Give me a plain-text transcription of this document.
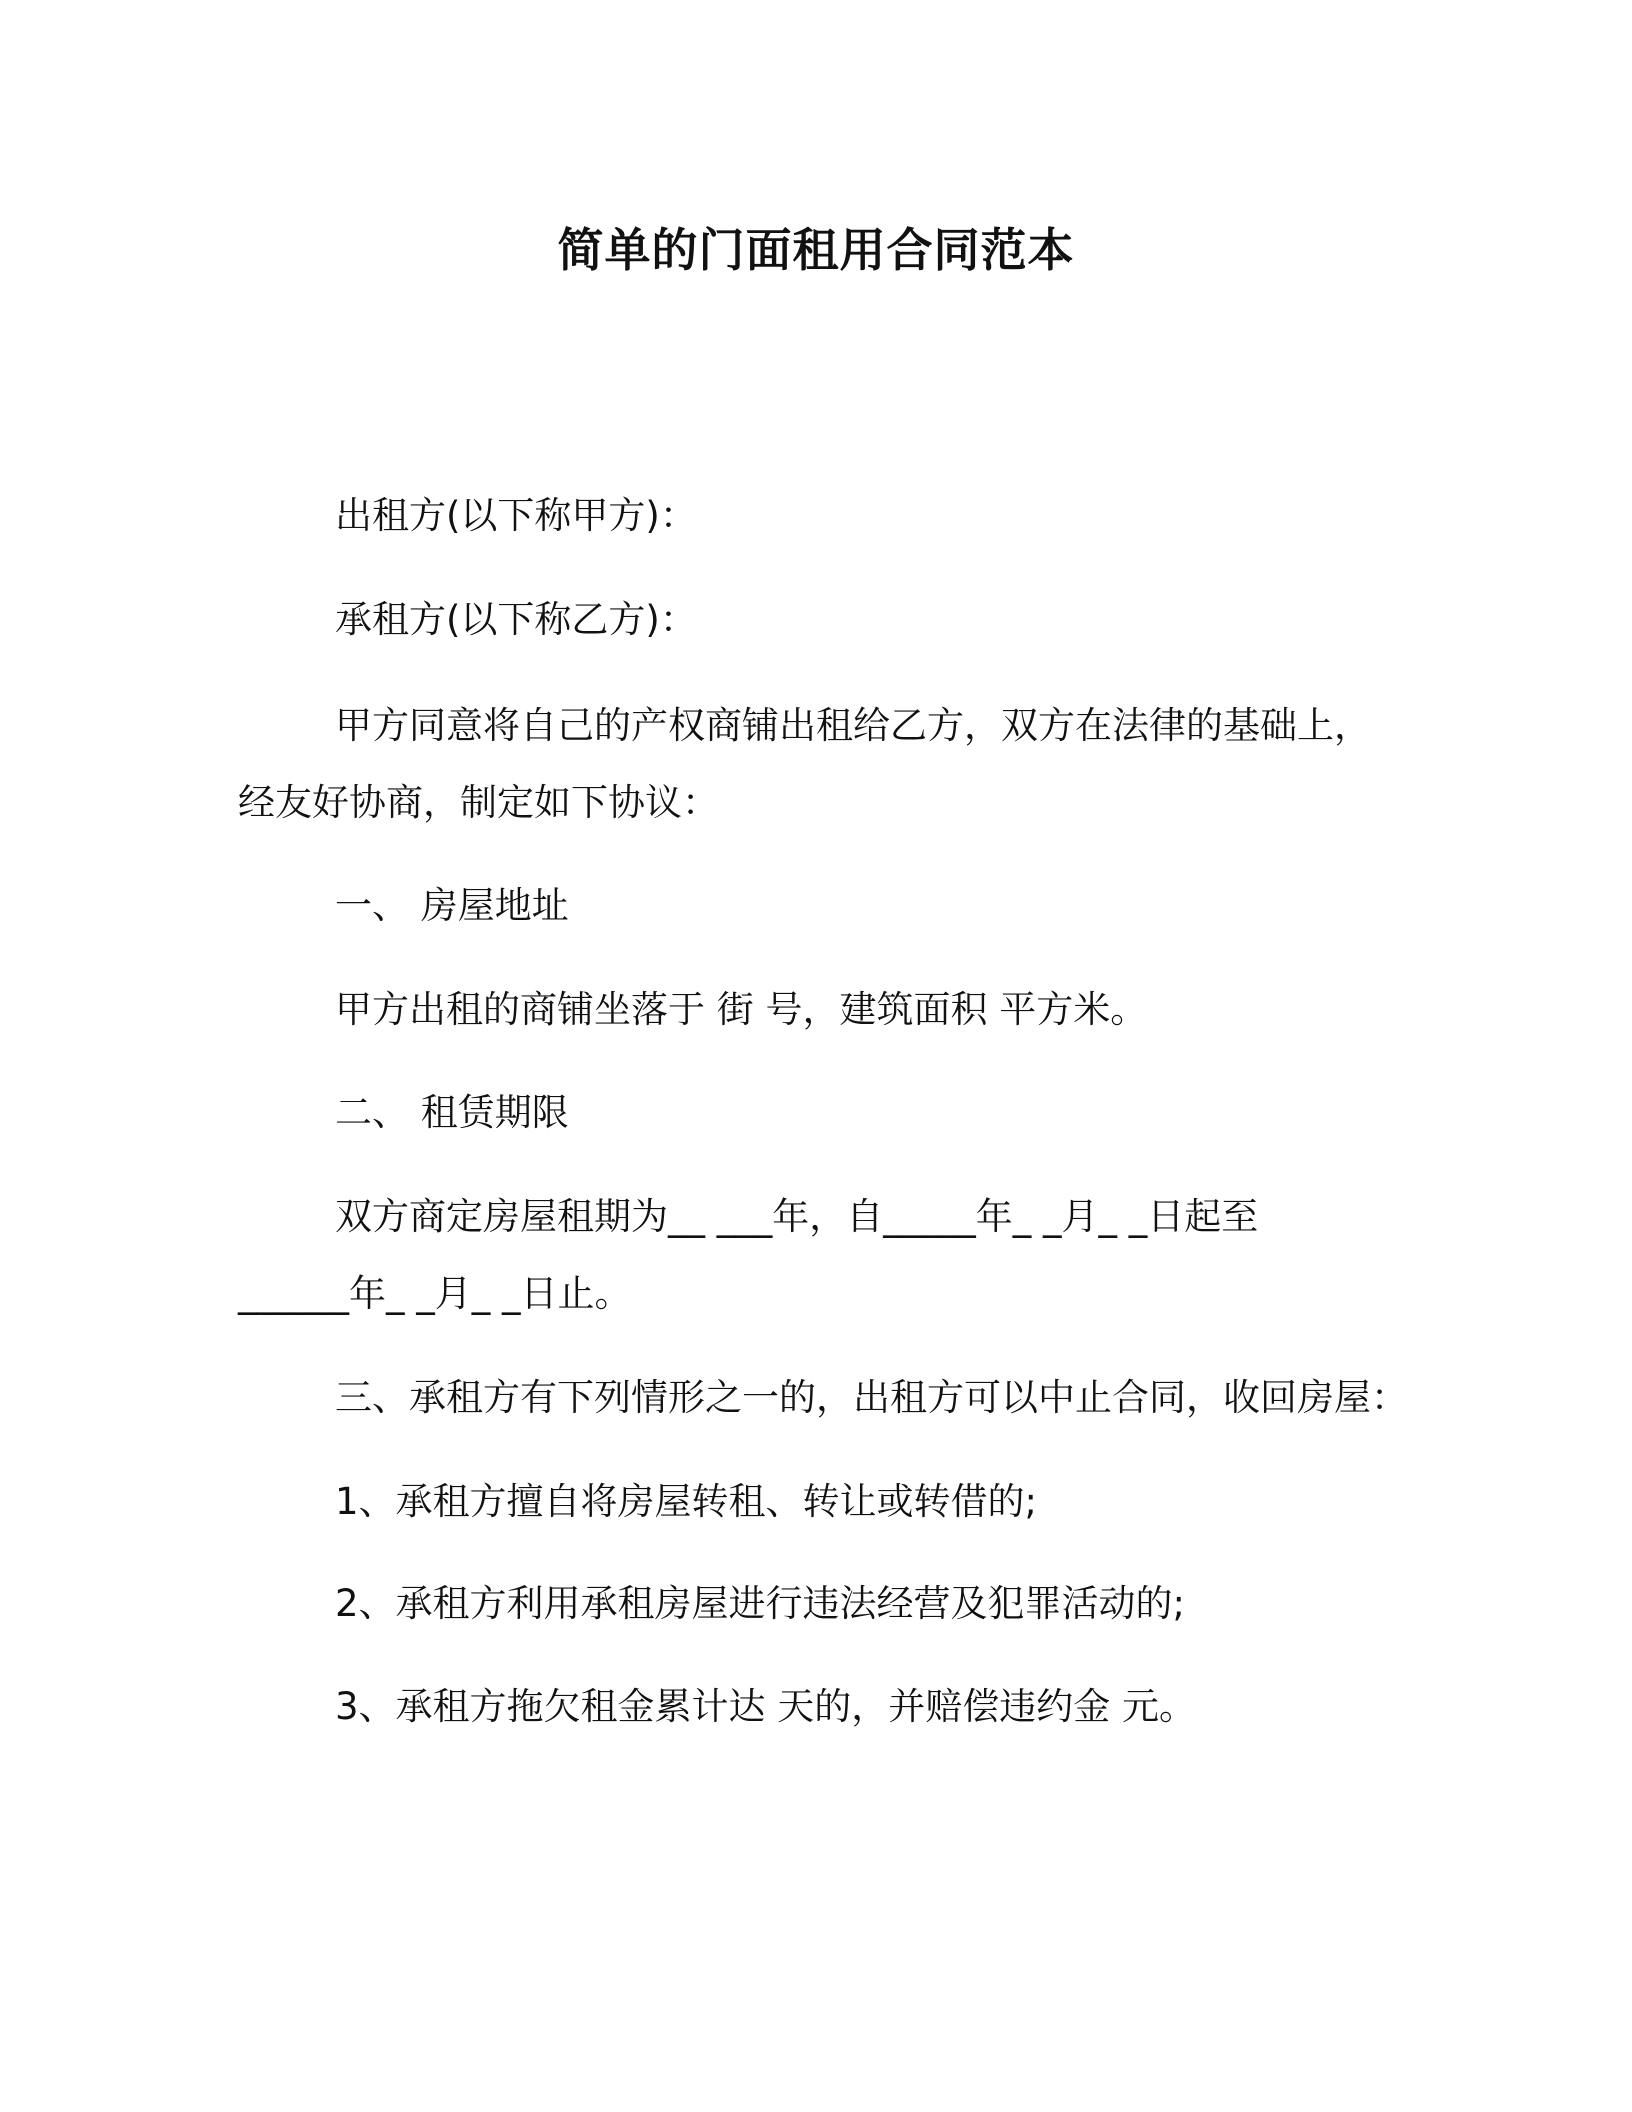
简单的门面租用合同范本

出租方(以下称甲方)：

承租方(以下称乙方)：

甲方同意将自己的产权商铺出租给乙方，双方在法律的基础上，

经友好协商，制定如下协议：

一、 房屋地址

甲方出租的商铺坐落于 街 号，建筑面积 平方米。

二、 租赁期限

双方商定房屋租期为__ ___年，自_____年_ _月_ _日起至

______年_ _月_ _日止。

三、承租方有下列情形之一的，出租方可以中止合同，收回房屋：

1、承租方擅自将房屋转租、转让或转借的;

2、承租方利用承租房屋进行违法经营及犯罪活动的;

3、承租方拖欠租金累计达 天的，并赔偿违约金 元。
